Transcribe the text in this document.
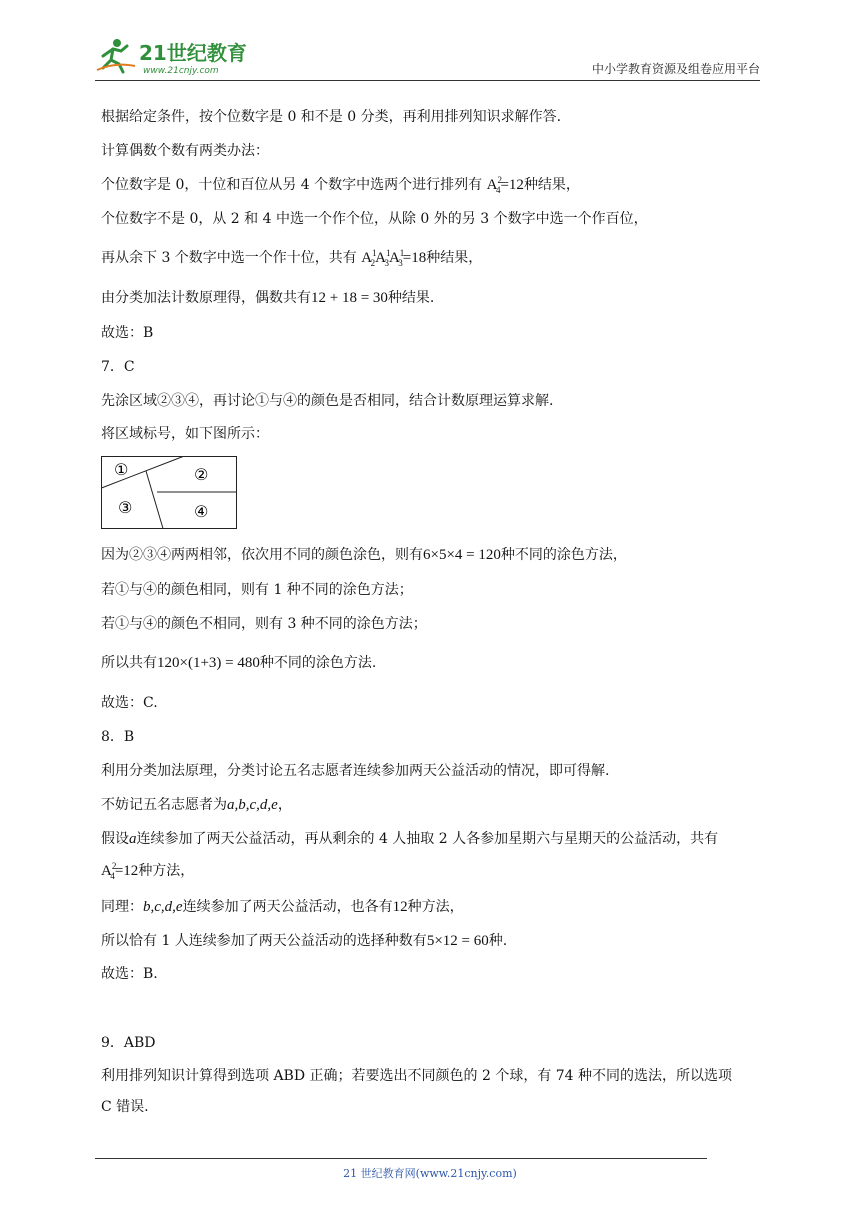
21世纪教育
www.21cnjy.com	中小学教育资源及组卷应用平台
根据给定条件，按个位数字是 0 和不是 0 分类，再利用排列知识求解作答.
计算偶数个数有两类办法：
个位数字是 0，十位和百位从另 4 个数字中选两个进行排列有 $A^2_4=12$种结果，
个位数字不是 0，从 2 和 4 中选一个作个位，从除 0 外的另 3 个数字中选一个作百位，
再从余下 3 个数字中选一个作十位，共有 $A^1_2A^1_3A^1_3=18$种结果，
由分类加法计数原理得，偶数共有12 + 18 = 30种结果.
故选：B
7．C
先涂区域②③④，再讨论①与④的颜色是否相同，结合计数原理运算求解.
将区域标号，如下图所示：
①	②
③	④
因为②③④两两相邻，依次用不同的颜色涂色，则有6×5×4 = 120种不同的涂色方法，
若①与④的颜色相同，则有 1 种不同的涂色方法；
若①与④的颜色不相同，则有 3 种不同的涂色方法；
所以共有120×(1+3) = 480种不同的涂色方法.
故选：C.
8．B
利用分类加法原理，分类讨论五名志愿者连续参加两天公益活动的情况，即可得解.
不妨记五名志愿者为a,b,c,d,e，
假设a连续参加了两天公益活动，再从剩余的 4 人抽取 2 人各参加星期六与星期天的公益活动，共有
$A^2_4=12$种方法，
同理：b,c,d,e连续参加了两天公益活动，也各有12种方法，
所以恰有 1 人连续参加了两天公益活动的选择种数有5×12 = 60种.
故选：B.
9．ABD
利用排列知识计算得到选项 ABD 正确；若要选出不同颜色的 2 个球，有 74 种不同的选法，所以选项
C 错误.
21 世纪教育网(www.21cnjy.com)
